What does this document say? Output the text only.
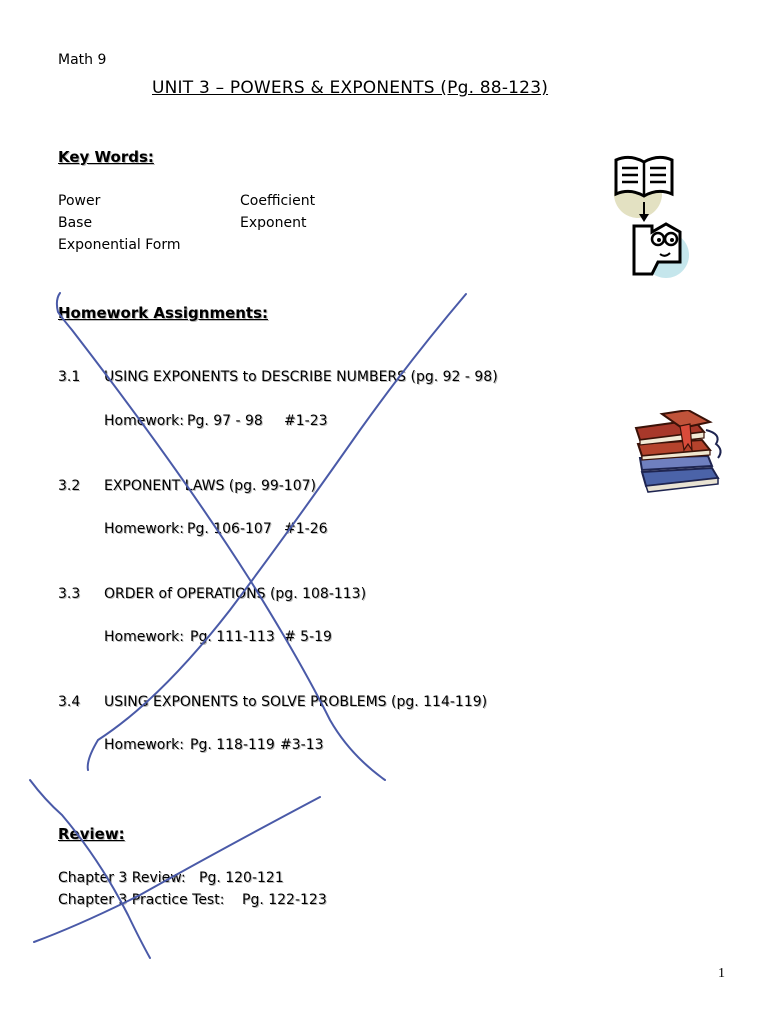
Math 9
UNIT 3 – POWERS & EXPONENTS (Pg. 88-123)
Key Words:
Power	Coefficient
Base	Exponent
Exponential Form
Homework Assignments:
3.1 USING EXPONENTS to DESCRIBE NUMBERS (pg. 92 - 98)
Homework: Pg. 97 - 98 #1-23
3.2 EXPONENT LAWS (pg. 99-107)
Homework: Pg. 106-107 #1-26
3.3 ORDER of OPERATIONS (pg. 108-113)
Homework: Pg. 111-113 # 5-19
3.4 USING EXPONENTS to SOLVE PROBLEMS (pg. 114-119)
Homework: Pg. 118-119 #3-13
Review:
Chapter 3 Review: Pg. 120-121
Chapter 3 Practice Test: Pg. 122-123
1
